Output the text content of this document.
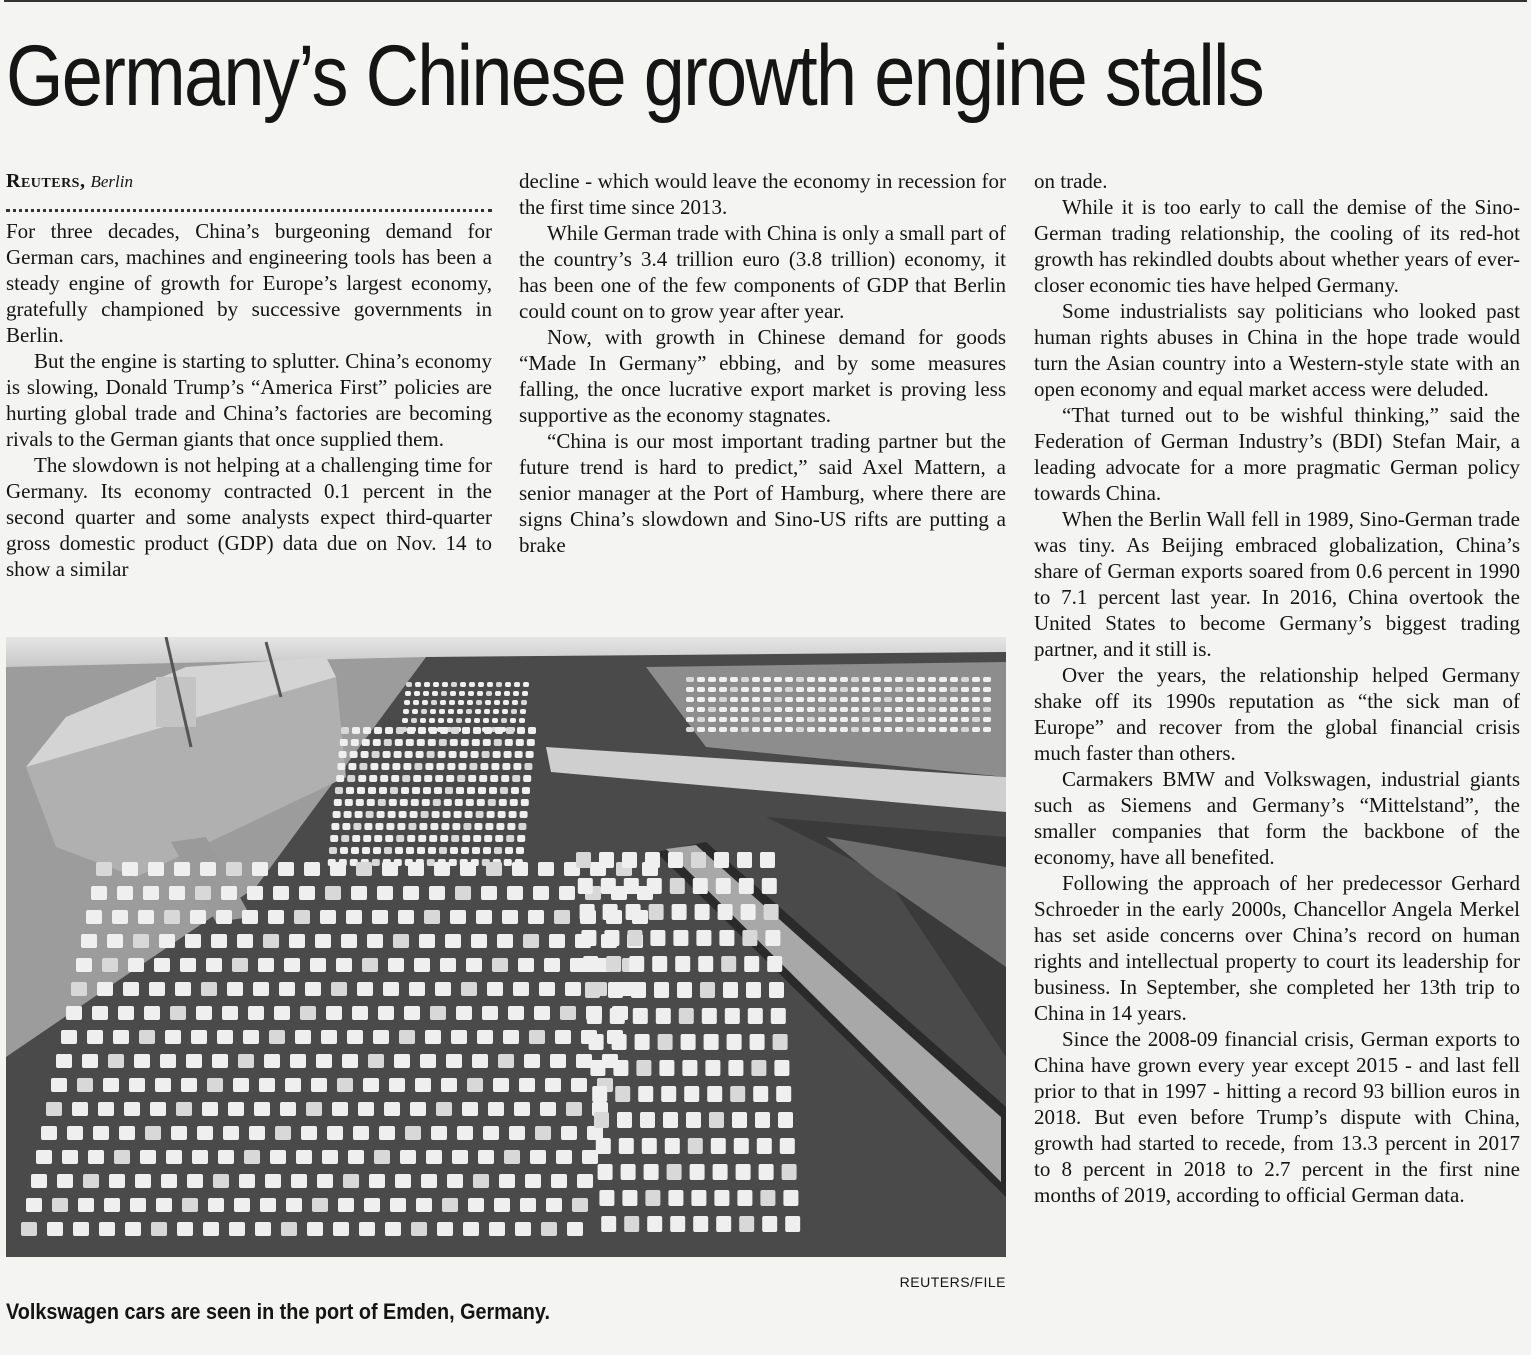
Germany’s Chinese growth engine stalls
Reuters, Berlin

For three decades, China’s burgeoning demand for German cars, machines and engineering tools has been a steady engine of growth for Europe’s largest economy, gratefully championed by successive governments in Berlin.

But the engine is starting to splutter. China’s economy is slowing, Donald Trump’s “America First” policies are hurting global trade and China’s factories are becoming rivals to the German giants that once supplied them.

The slowdown is not helping at a challenging time for Germany. Its economy contracted 0.1 percent in the second quarter and some analysts expect third-quarter gross domestic product (GDP) data due on Nov. 14 to show a similar

decline - which would leave the economy in recession for the first time since 2013.

While German trade with China is only a small part of the country’s 3.4 trillion euro (3.8 trillion) economy, it has been one of the few components of GDP that Berlin could count on to grow year after year.

Now, with growth in Chinese demand for goods “Made In Germany” ebbing, and by some measures falling, the once lucrative export market is proving less supportive as the economy stagnates.

“China is our most important trading partner but the future trend is hard to predict,” said Axel Mattern, a senior manager at the Port of Hamburg, where there are signs China’s slowdown and Sino-US rifts are putting a brake

on trade.

While it is too early to call the demise of the Sino-German trading relationship, the cooling of its red-hot growth has rekindled doubts about whether years of ever-closer economic ties have helped Germany.

Some industrialists say politicians who looked past human rights abuses in China in the hope trade would turn the Asian country into a Western-style state with an open economy and equal market access were deluded.

“That turned out to be wishful thinking,” said the Federation of German Industry’s (BDI) Stefan Mair, a leading advocate for a more pragmatic German policy towards China.

When the Berlin Wall fell in 1989, Sino-German trade was tiny. As Beijing embraced globalization, China’s share of German exports soared from 0.6 percent in 1990 to 7.1 percent last year. In 2016, China overtook the United States to become Germany’s biggest trading partner, and it still is.

Over the years, the relationship helped Germany shake off its 1990s reputation as “the sick man of Europe” and recover from the global financial crisis much faster than others.

Carmakers BMW and Volkswagen, industrial giants such as Siemens and Germany’s “Mittelstand”, the smaller companies that form the backbone of the economy, have all benefited.

Following the approach of her predecessor Gerhard Schroeder in the early 2000s, Chancellor Angela Merkel has set aside concerns over China’s record on human rights and intellectual property to court its leadership for business. In September, she completed her 13th trip to China in 14 years.

Since the 2008-09 financial crisis, German exports to China have grown every year except 2015 - and last fell prior to that in 1997 - hitting a record 93 billion euros in 2018. But even before Trump’s dispute with China, growth had started to recede, from 13.3 percent in 2017 to 8 percent in 2018 to 2.7 percent in the first nine months of 2019, according to official German data.

REUTERS/FILE
Volkswagen cars are seen in the port of Emden, Germany.
